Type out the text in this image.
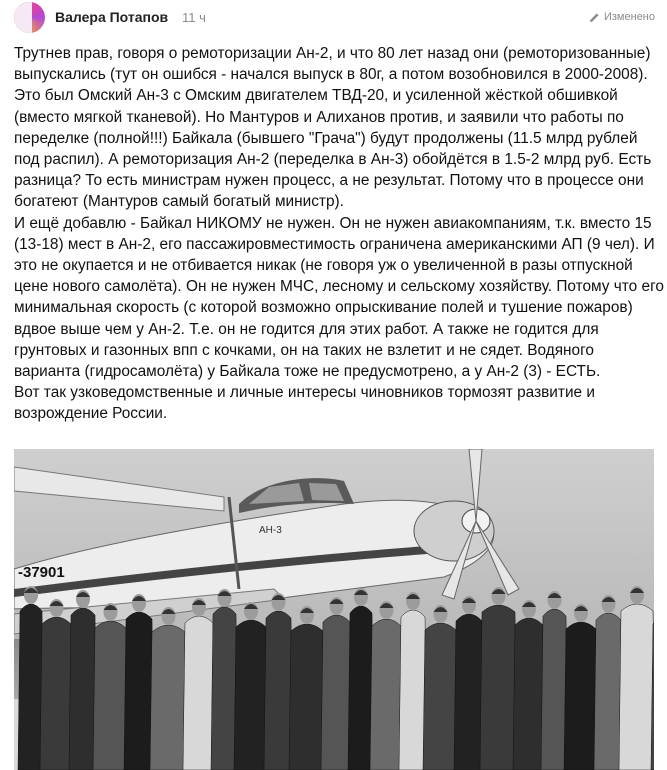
Валера Потапов 11 ч	Изменено
Трутнев прав, говоря о ремоторизации Ан-2, и что 80 лет назад они (ремоторизованные) выпускались (тут он ошибся - начался выпуск в 80г, а потом возобновился в 2000-2008). Это был Омский Ан-3 с Омским двигателем ТВД-20, и усиленной жёсткой обшивкой (вместо мягкой тканевой). Но Мантуров и Алиханов против, и заявили что работы по переделке (полной!!!) Байкала (бывшего "Грача") будут продолжены (11.5 млрд рублей под распил). А ремоторизация Ан-2 (переделка в Ан-3) обойдётся в 1.5-2 млрд руб. Есть разница? То есть министрам нужен процесс, а не результат. Потому что в процессе они богатеют (Мантуров самый богатый министр).
И ещё добавлю - Байкал НИКОМУ не нужен. Он не нужен авиакомпаниям, т.к. вместо 15 (13-18) мест в Ан-2, его пассажировместимость ограничена американскими АП (9 чел). И это не окупается и не отбивается никак (не говоря уж о увеличенной в разы отпускной цене нового самолёта). Он не нужен МЧС, лесному и сельскому хозяйству. Потому что его минимальная скорость (с которой возможно опрыскивание полей и тушение пожаров) вдвое выше чем у Ан-2. Т.е. он не годится для этих работ. А также не годится для грунтовых и газонных впп с кочками, он на таких не взлетит и не сядет. Водяного варианта (гидросамолёта) у Байкала тоже не предусмотрено, а у Ан-2 (3) - ЕСТЬ.
Вот так узковедомственные и личные интересы чиновников тормозят развитие и возрождение России.
АН-3
-37901
